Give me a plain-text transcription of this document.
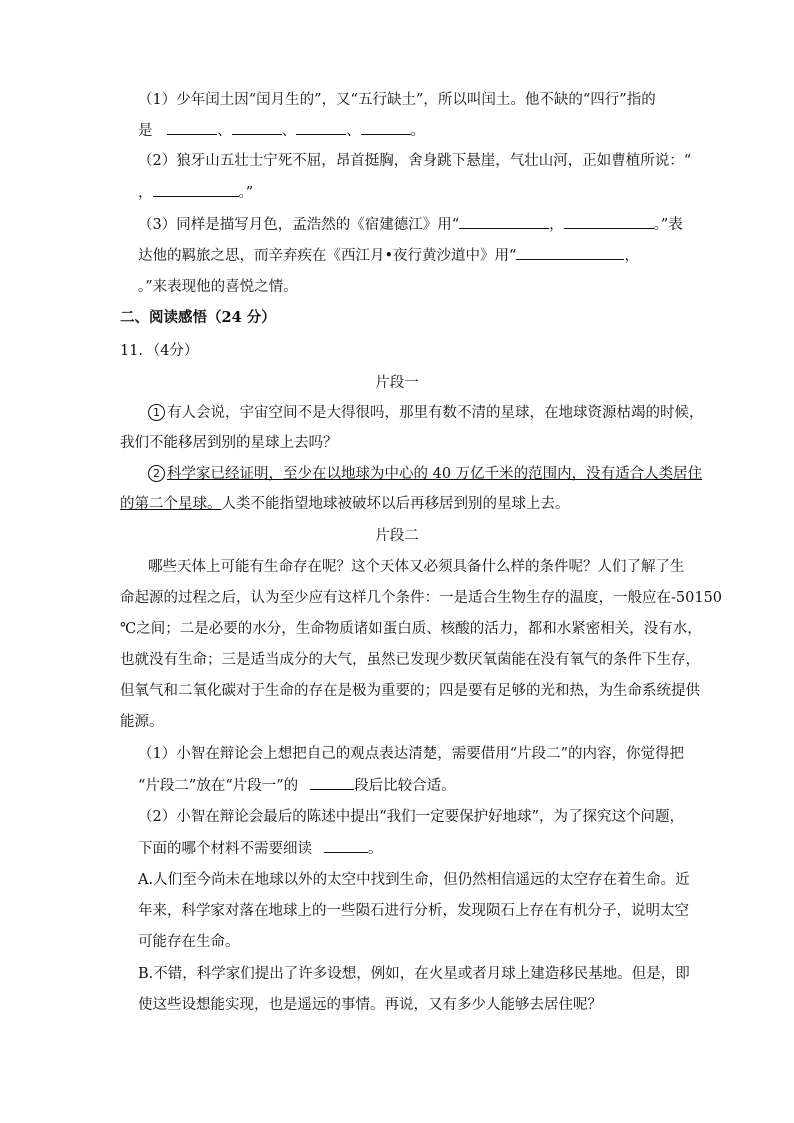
（1）少年闰土因“闰月生的”，又“五行缺土”，所以叫闰土。他不缺的“四行”指的
是	、	、	、	。
（2）狼牙山五壮士宁死不屈，昂首挺胸，舍身跳下悬崖，气壮山河，正如曹植所说：“
，	。”
（3）同样是描写月色，孟浩然的《宿建德江》用“	，	。”表
达他的羁旅之思，而辛弃疾在《西江月•夜行黄沙道中》用“	，
。”来表现他的喜悦之情。
二、阅读感悟（24 分）
11．（4分）
片段一
1 有人会说，宇宙空间不是大得很吗，那里有数不清的星球，在地球资源枯竭的时候，
我们不能移居到别的星球上去吗？
2 科学家已经证明，至少在以地球为中心的 40 万亿千米的范围内，没有适合人类居住
的第二个星球。人类不能指望地球被破坏以后再移居到别的星球上去。
片段二
哪些天体上可能有生命存在呢？这个天体又必须具备什么样的条件呢？人们了解了生
命起源的过程之后，认为至少应有这样几个条件：一是适合生物生存的温度，一般应在-50150
℃之间；二是必要的水分，生命物质诸如蛋白质、核酸的活力，都和水紧密相关，没有水，
也就没有生命；三是适当成分的大气，虽然已发现少数厌氧菌能在没有氧气的条件下生存，
但氧气和二氧化碳对于生命的存在是极为重要的；四是要有足够的光和热，为生命系统提供
能源。
（1）小智在辩论会上想把自己的观点表达清楚，需要借用“片段二”的内容，你觉得把
“片段二”放在“片段一”的	段后比较合适。
（2）小智在辩论会最后的陈述中提出“我们一定要保护好地球”，为了探究这个问题，
下面的哪个材料不需要细读	。
A.人们至今尚未在地球以外的太空中找到生命，但仍然相信遥远的太空存在着生命。近
年来，科学家对落在地球上的一些陨石进行分析，发现陨石上存在有机分子，说明太空
可能存在生命。
B.不错，科学家们提出了许多设想，例如，在火星或者月球上建造移民基地。但是，即
使这些设想能实现，也是遥远的事情。再说，又有多少人能够去居住呢？
